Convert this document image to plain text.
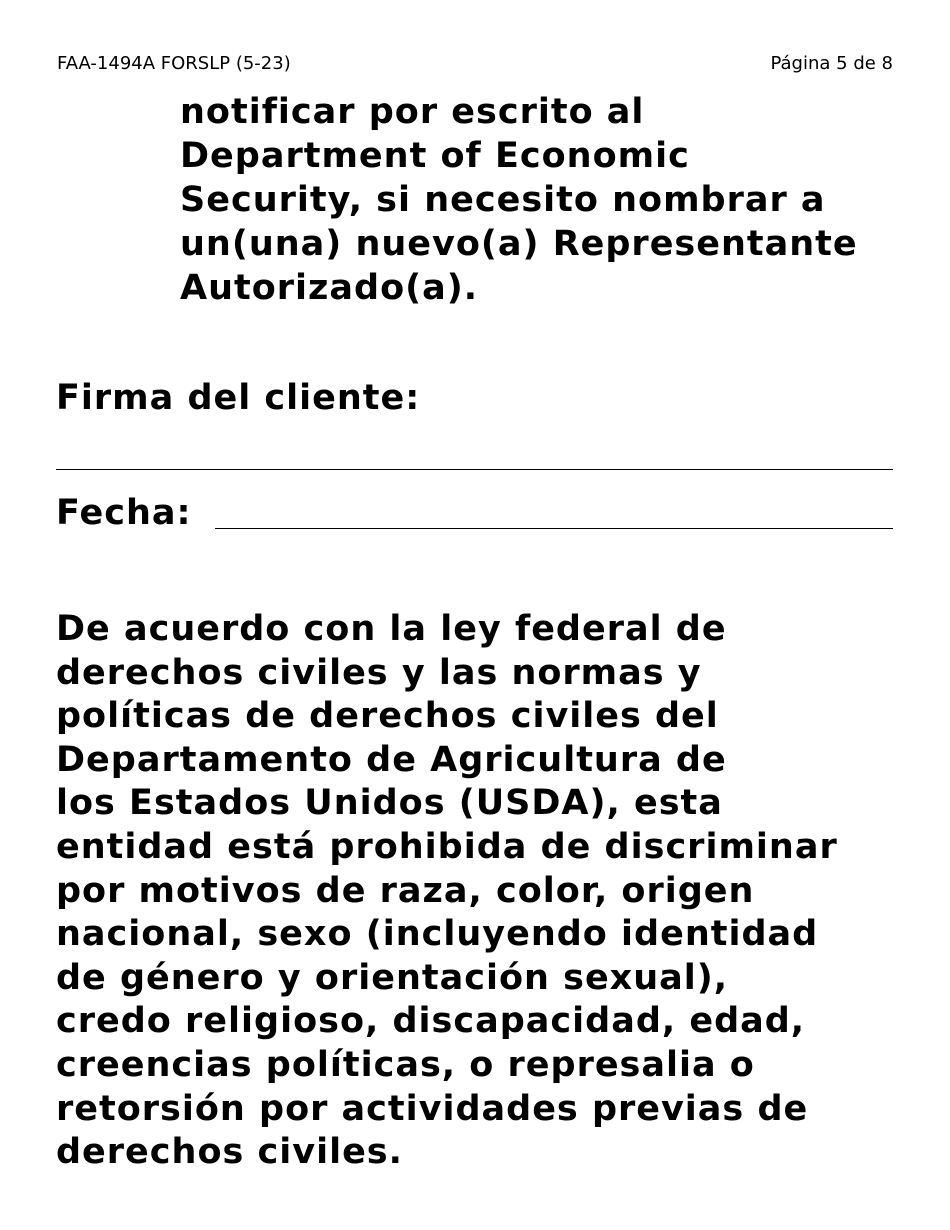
FAA-1494A FORSLP (5-23)	Página 5 de 8

notificar por escrito al
Department of Economic
Security, si necesito nombrar a
un(una) nuevo(a) Representante
Autorizado(a).

Firma del cliente:

Fecha:

De acuerdo con la ley federal de
derechos civiles y las normas y
políticas de derechos civiles del
Departamento de Agricultura de
los Estados Unidos (USDA), esta
entidad está prohibida de discriminar
por motivos de raza, color, origen
nacional, sexo (incluyendo identidad
de género y orientación sexual),
credo religioso, discapacidad, edad,
creencias políticas, o represalia o
retorsión por actividades previas de
derechos civiles.
